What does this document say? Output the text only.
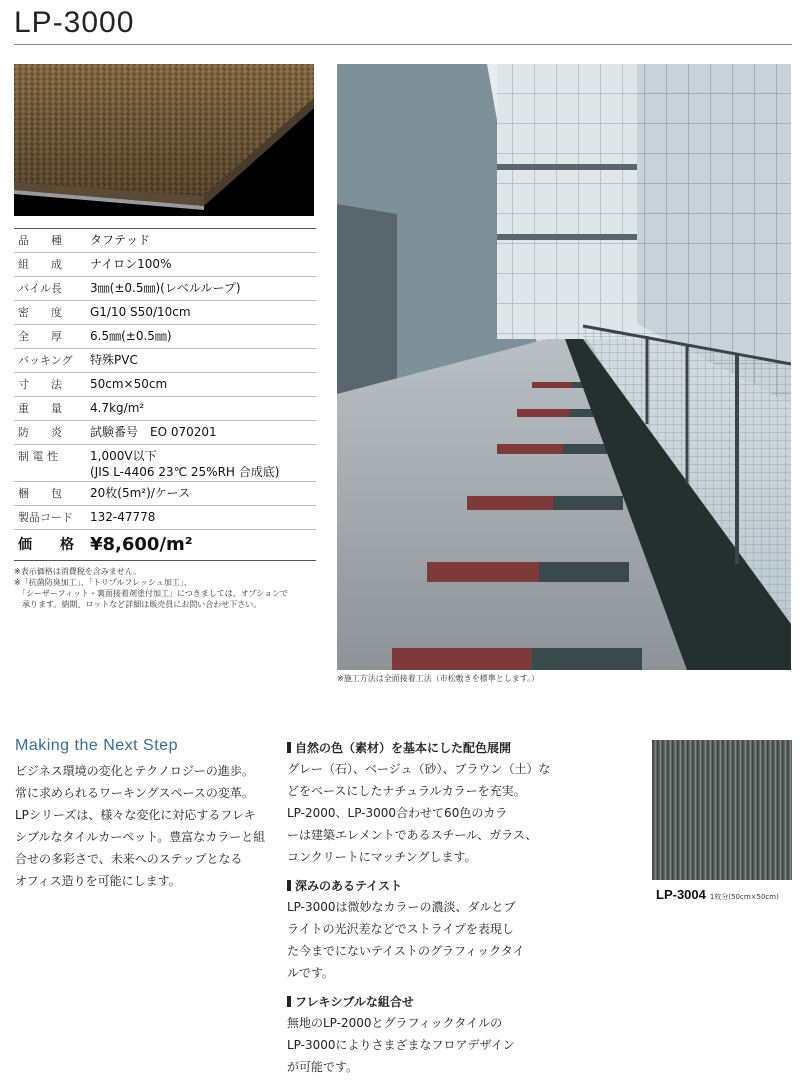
LP-3000
品　　種	タフテッド
組　　成	ナイロン100%
パイル長	3㎜(±0.5㎜)(レベルループ)
密　　度	G1/10 S50/10cm
全　　厚	6.5㎜(±0.5㎜)
バッキング 特殊PVC
寸　　法	50cm×50cm
重　　量	4.7kg/m²
防　　炎	試験番号　EO 070201
制 電 性	1,000V以下
(JIS L-4406 23℃ 25%RH 合成底)
梱　　包	20枚(5m²)/ケース
製品コード 132-47778
価　　格 ¥8,600/m²
※表示価格は消費税を含みません。
※「抗菌防臭加工」、「トリプルフレッシュ加工」、
　「シーザーフィット・裏面接着剤塗付加工」につきましては、オプションで
　承ります。納期、ロットなど詳細は販売員にお問い合わせ下さい。
※施工方法は全面接着工法（市松敷きを標準とします。）
Making the Next Step
ビジネス環境の変化とテクノロジーの進歩。
常に求められるワーキングスペースの変革。
LPシリーズは、様々な変化に対応するフレキ
シブルなタイルカーペット。豊富なカラーと組
合せの多彩さで、未来へのステップとなる
オフィス造りを可能にします。
自然の色（素材）を基本にした配色展開
グレー（石）、ベージュ（砂）、ブラウン（土）な
どをベースにしたナチュラルカラーを充実。
LP-2000、LP-3000合わせて60色のカラ
ーは建築エレメントであるスチール、ガラス、
コンクリートにマッチングします。
深みのあるテイスト
LP-3000は微妙なカラーの濃淡、ダルとブ
ライトの光沢差などでストライプを表現し
た今までにないテイストのグラフィックタイ
ルです。
フレキシブルな組合せ
無地のLP-2000とグラフィックタイルの
LP-3000によりさまざまなフロアデザイン
が可能です。
LP-3004 1枚分(50cm×50cm)
